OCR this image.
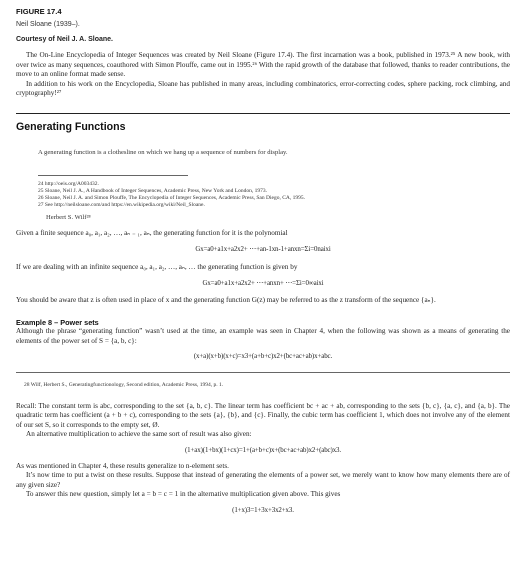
FIGURE 17.4
Neil Sloane (1939–).
Courtesy of Neil J. A. Sloane.

The On-Line Encyclopedia of Integer Sequences was created by Neil Sloane (Figure 17.4). The first incarnation was a book, published in 1973.²⁵ A new book, with over twice as many sequences, coauthored with Simon Plouffe, came out in 1995.²⁶ With the rapid growth of the database that followed, thanks to reader contributions, the move to an online format made sense.

In addition to his work on the Encyclopedia, Sloane has published in many areas, including combinatorics, error-correcting codes, sphere packing, rock climbing, and cryptography!²⁷

Generating Functions
A generating function is a clothesline on which we hang up a sequence of numbers for display.
24 http://oeis.org/A003432.
25 Sloane, Neil J. A., A Handbook of Integer Sequences, Academic Press, New York and London, 1973.
26 Sloane, Neil J. A. and Simon Plouffe, The Encyclopedia of Integer Sequences, Academic Press, San Diego, CA, 1995.
27 See http://neilsloane.com/and https://en.wikipedia.org/wiki/Neil_Sloane.
Herbert S. Wilf²⁸

Given a finite sequence a₀, a₁, a₂, …, aₙ ₋ ₁, aₙ, the generating function for it is the polynomial

Gx=a0+a1x+a2x2+ ⋯+an-1xn-1+anxn=Σi=0naixi

If we are dealing with an infinite sequence a₀, a₁, a₂, …, aₙ, … the generating function is given by

Gx=a0+a1x+a2x2+ ⋯+anxn+ ⋯=Σi=0∞aixi

You should be aware that z is often used in place of x and the generating function G(z) may be referred to as the z transform of the sequence {aₙ}.

Example 8 – Power sets

Although the phrase “generating function” wasn’t used at the time, an example was seen in Chapter 4, when the following was shown as a means of generating the elements of the power set of S = {a, b, c}:

(x+a)(x+b)(x+c)=x3+(a+b+c)x2+(bc+ac+ab)x+abc.
28 Wilf, Herbert S., Generatingfunctionology, Second edition, Academic Press, 1994, p. 1.

Recall: The constant term is abc, corresponding to the set {a, b, c}. The linear term has coefficient bc + ac + ab, corresponding to the sets {b, c}, {a, c}, and {a, b}. The quadratic term has coefficient (a + b + c), corresponding to the sets {a}, {b}, and {c}. Finally, the cubic term has coefficient 1, which does not involve any of the element of our set S, so it corresponds to the empty set, Ø.

An alternative multiplication to achieve the same sort of result was also given:

(1+ax)(1+bx)(1+cx)=1+(a+b+c)x+(bc+ac+ab)x2+(abc)x3.

As was mentioned in Chapter 4, these results generalize to n-element sets.

It’s now time to put a twist on these results. Suppose that instead of generating the elements of a power set, we merely want to know how many elements there are of any given size?

To answer this new question, simply let a = b = c = 1 in the alternative multiplication given above. This gives

(1+x)3=1+3x+3x2+x3.
